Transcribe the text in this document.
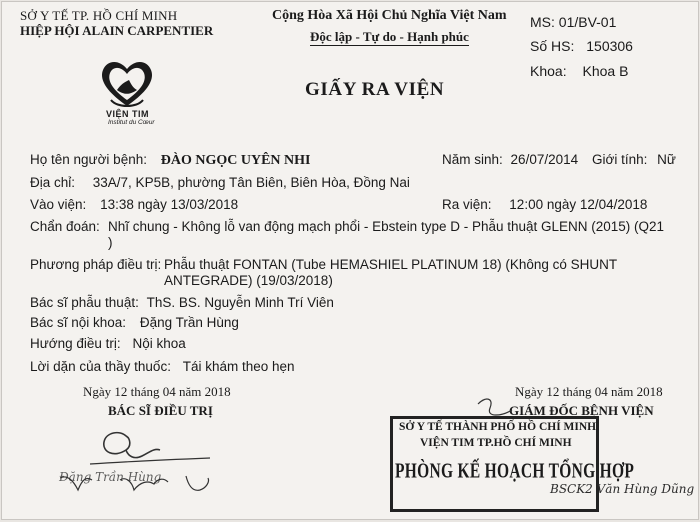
SỞ Y TẾ TP. HỒ CHÍ MINH
HIỆP HỘI ALAIN CARPENTIER
VIỆN TIM
Institut du Cœur
Cộng Hòa Xã Hội Chủ Nghĩa Việt Nam
Độc lập - Tự do - Hạnh phúc
GIẤY RA VIỆN
MS: 01/BV-01
Số HS: 150306
Khoa: Khoa B
Họ tên người bệnh: ĐÀO NGỌC UYÊN NHI	Năm sinh: 26/07/2014 Giới tính: Nữ
Địa chỉ: 33A/7, KP5B, phường Tân Biên, Biên Hòa, Đồng Nai
Vào viện: 13:38 ngày 13/03/2018	Ra viện: 12:00 ngày 12/04/2018
Chẩn đoán: Nhĩ chung - Không lỗ van động mạch phổi - Ebstein type D - Phẫu thuật GLENN (2015) (Q21
)
Phương pháp điều trị: Phẫu thuật FONTAN (Tube HEMASHIEL PLATINUM 18) (Không có SHUNT
ANTEGRADE) (19/03/2018)
Bác sĩ phẫu thuật: ThS. BS. Nguyễn Minh Trí Viên
Bác sĩ nội khoa: Đặng Trần Hùng
Hướng điều trị: Nội khoa
Lời dặn của thầy thuốc: Tái khám theo hẹn
Ngày 12 tháng 04 năm 2018
BÁC SĨ ĐIỀU TRỊ
Đặng Trần Hùng
Ngày 12 tháng 04 năm 2018
GIÁM ĐỐC BỆNH VIỆN
SỞ Y TẾ THÀNH PHỐ HỒ CHÍ MINH
VIỆN TIM TP.HỒ CHÍ MINH
PHÒNG KẾ HOẠCH TỔNG HỢP
BSCK2 Văn Hùng Dũng
